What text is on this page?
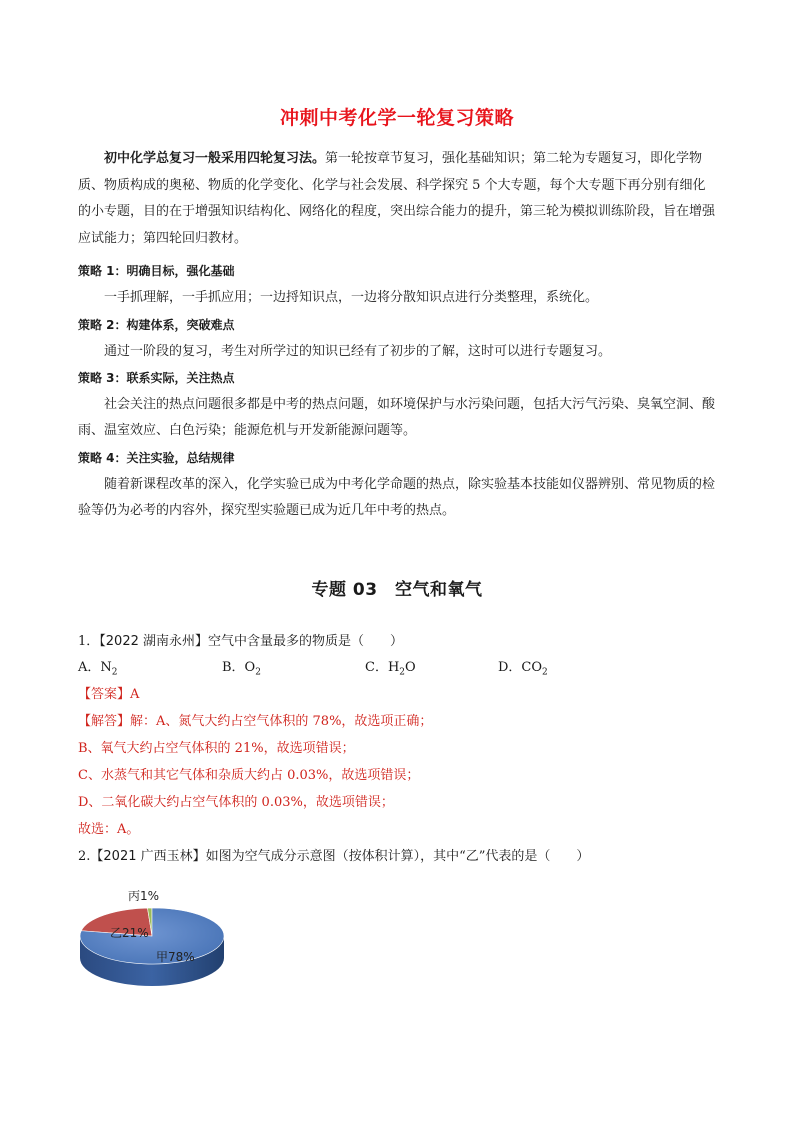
冲刺中考化学一轮复习策略

初中化学总复习一般采用四轮复习法。第一轮按章节复习，强化基础知识；第二轮为专题复习，即化学物质、物质构成的奥秘、物质的化学变化、化学与社会发展、科学探究 5 个大专题，每个大专题下再分别有细化的小专题，目的在于增强知识结构化、网络化的程度，突出综合能力的提升，第三轮为模拟训练阶段，旨在增强应试能力；第四轮回归教材。

策略 1：明确目标，强化基础

一手抓理解，一手抓应用；一边捋知识点，一边将分散知识点进行分类整理，系统化。

策略 2：构建体系，突破难点

通过一阶段的复习，考生对所学过的知识已经有了初步的了解，这时可以进行专题复习。

策略 3：联系实际，关注热点

社会关注的热点问题很多都是中考的热点问题，如环境保护与水污染问题，包括大污气污染、臭氧空洞、酸雨、温室效应、白色污染；能源危机与开发新能源问题等。

策略 4：关注实验，总结规律

随着新课程改革的深入，化学实验已成为中考化学命题的热点，除实验基本技能如仪器辨别、常见物质的检验等仍为必考的内容外，探究型实验题已成为近几年中考的热点。

专题 03　空气和氧气
1．【2022 湖南永州】空气中含量最多的物质是（　　）
A．$N_2$	B．$O_2$	C．$H_2O$	D．$CO_2$
【答案】A
【解答】解：A、氮气大约占空气体积的 78%，故选项正确；
B、氧气大约占空气体积的 21%，故选项错误；
C、水蒸气和其它气体和杂质大约占 0.03%，故选项错误；
D、二氧化碳大约占空气体积的 0.03%，故选项错误；
故选：A。
2.【2021 广西玉林】如图为空气成分示意图（按体积计算），其中“乙”代表的是（　　）
甲78%
乙21%
丙1%
